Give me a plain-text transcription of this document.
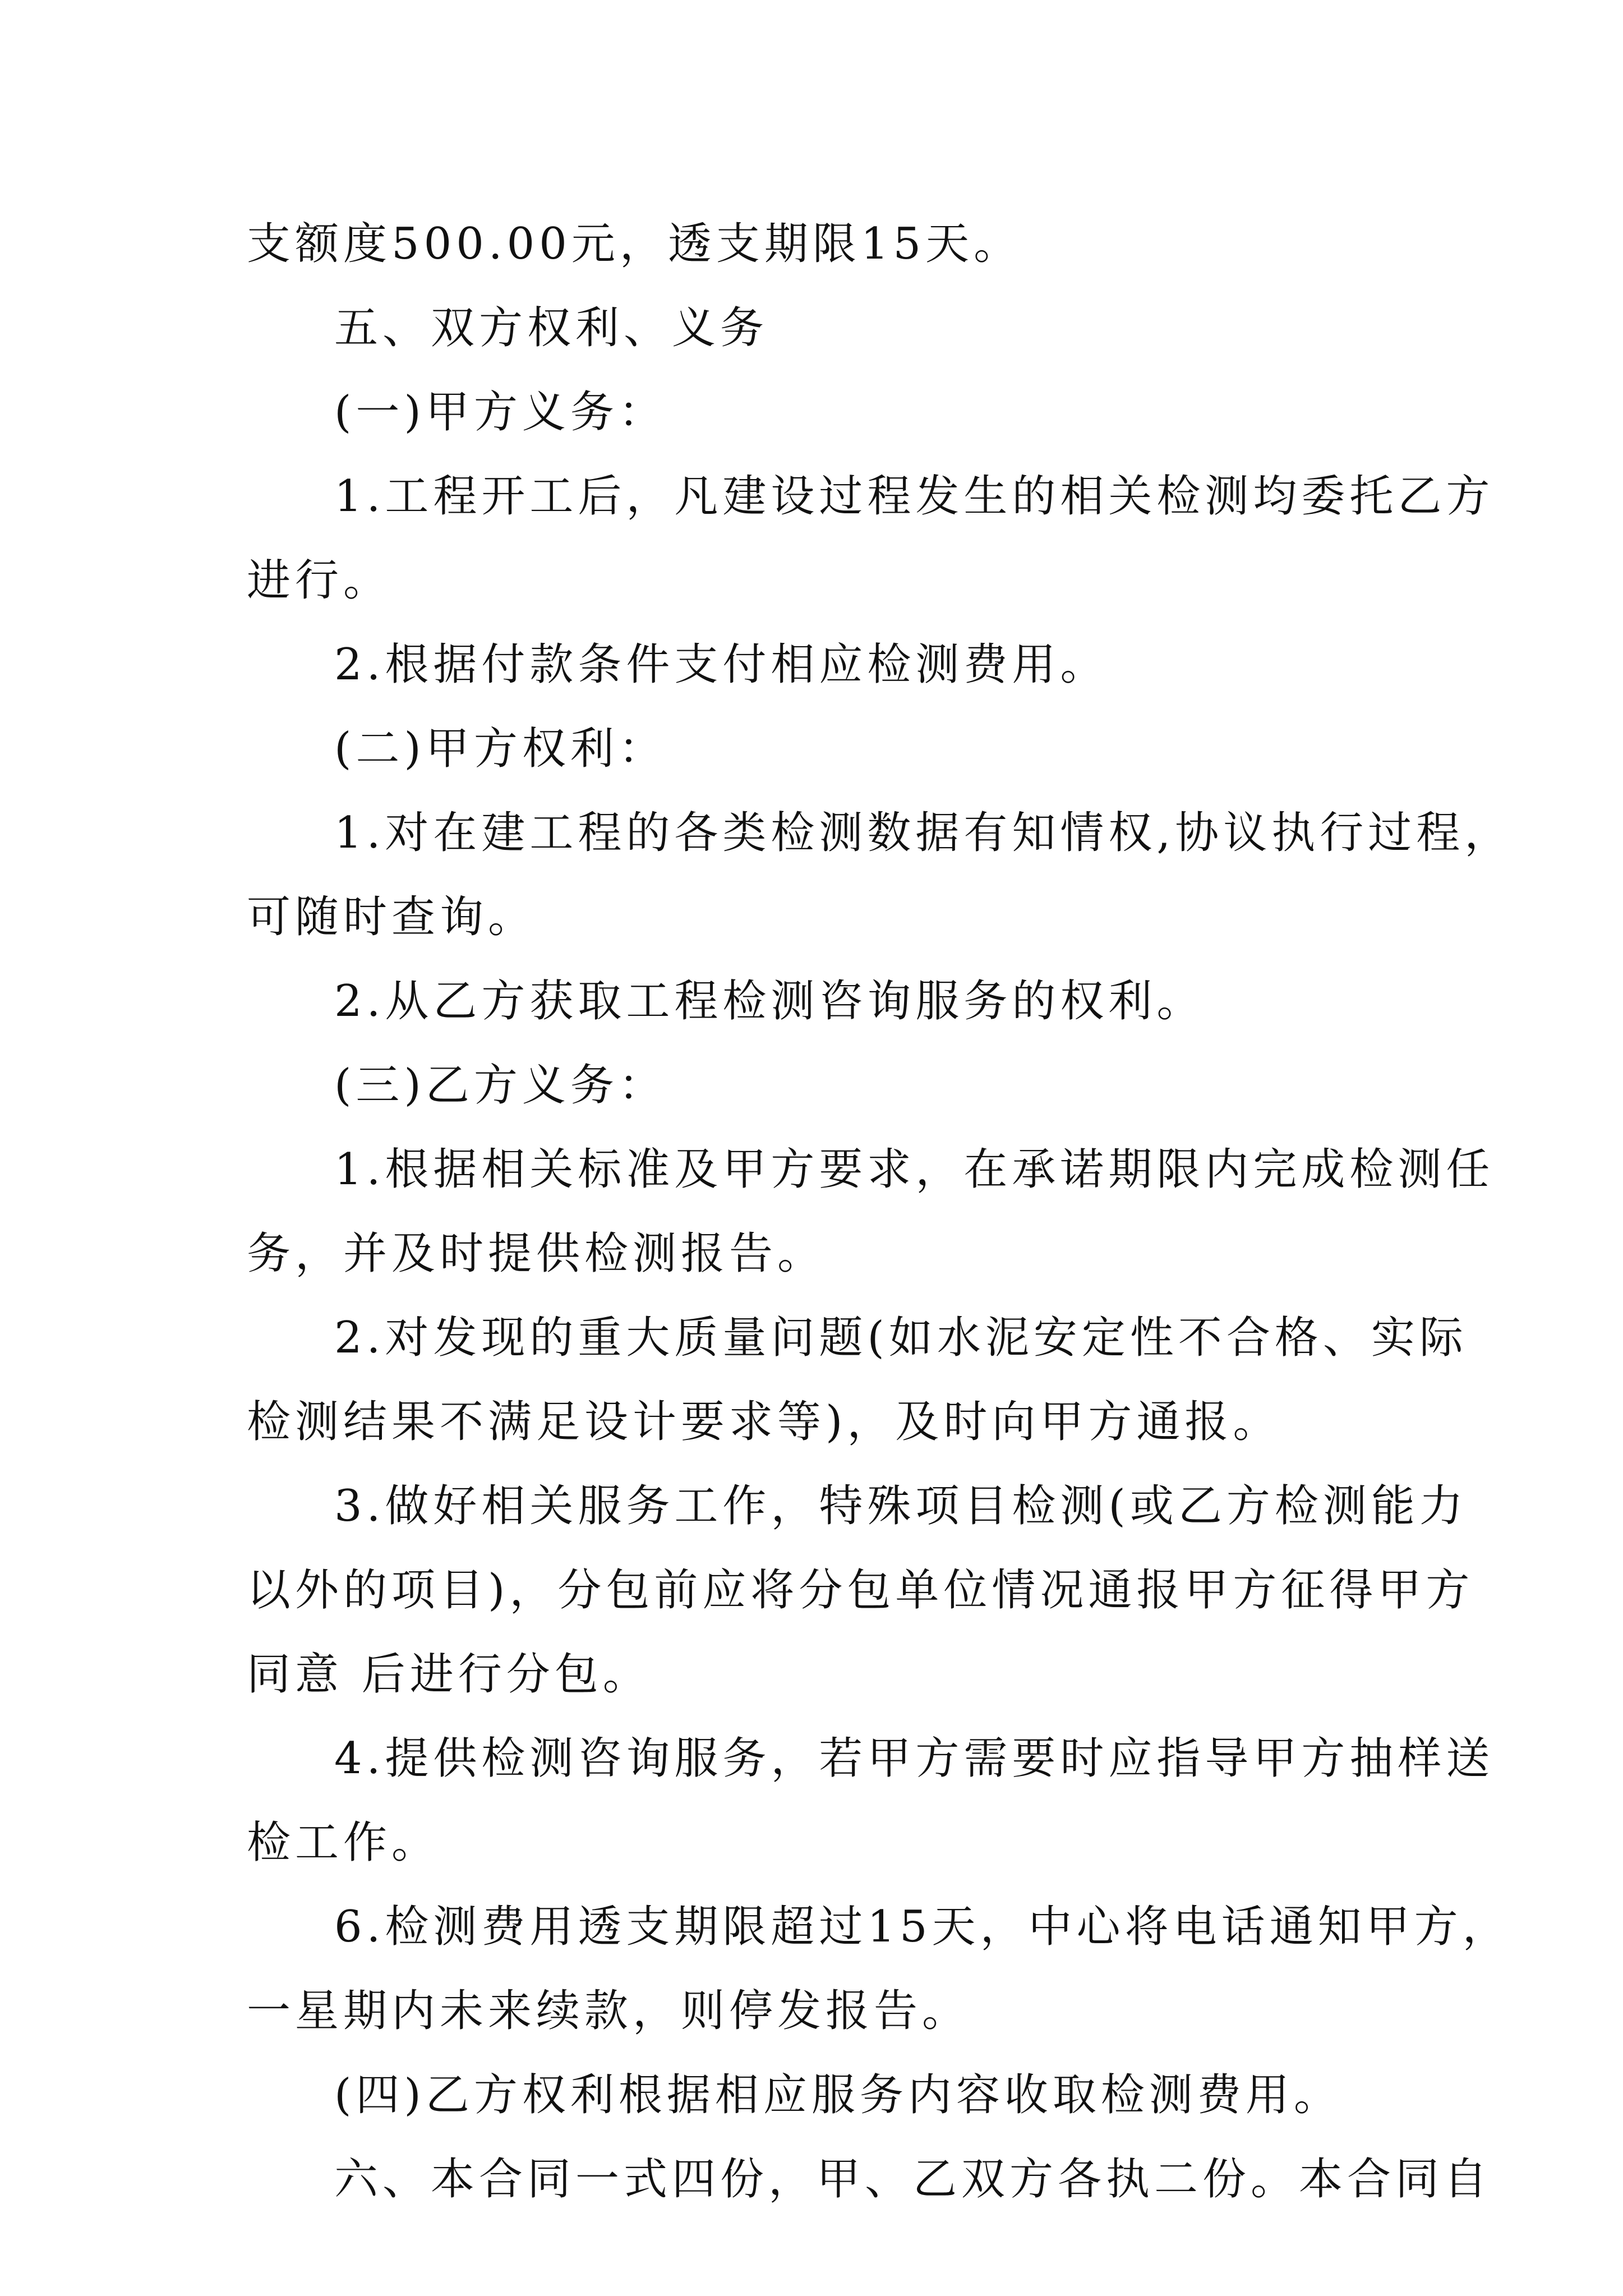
支额度500.00元，透支期限15天。

五、双方权利、义务

(一)甲方义务：

1.工程开工后，凡建设过程发生的相关检测均委托乙方
进行。

2.根据付款条件支付相应检测费用。

(二)甲方权利：

1.对在建工程的各类检测数据有知情权,协议执行过程，
可随时查询。

2.从乙方获取工程检测咨询服务的权利。

(三)乙方义务：

1.根据相关标准及甲方要求，在承诺期限内完成检测任
务，并及时提供检测报告。

2.对发现的重大质量问题(如水泥安定性不合格、实际
检测结果不满足设计要求等)，及时向甲方通报。

3.做好相关服务工作，特殊项目检测(或乙方检测能力
以外的项目)，分包前应将分包单位情况通报甲方征得甲方
同意 后进行分包。

4.提供检测咨询服务，若甲方需要时应指导甲方抽样送
检工作。

6.检测费用透支期限超过15天，中心将电话通知甲方，
一星期内未来续款，则停发报告。

(四)乙方权利根据相应服务内容收取检测费用。

六、本合同一式四份，甲、乙双方各执二份。本合同自
